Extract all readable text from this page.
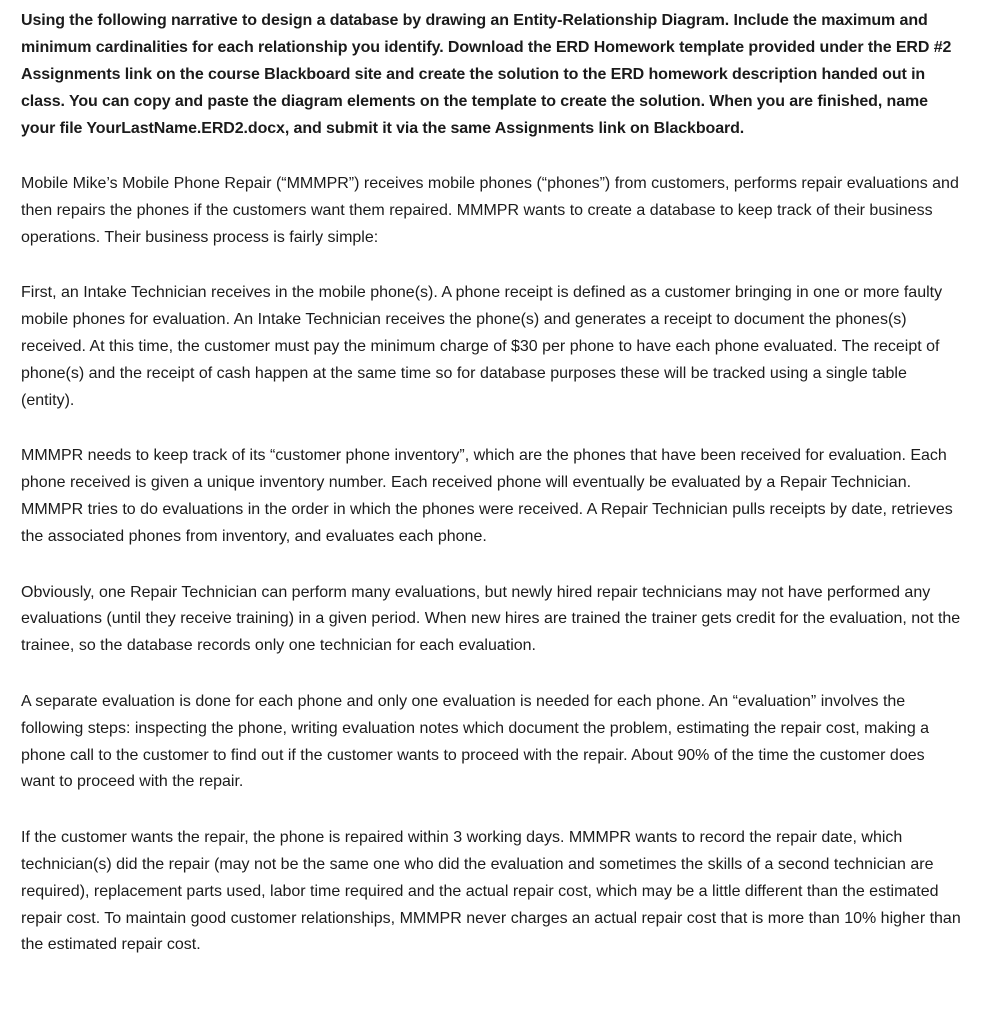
Using the following narrative to design a database by drawing an Entity-Relationship Diagram. Include the maximum and minimum cardinalities for each relationship you identify. Download the ERD Homework template provided under the ERD #2 Assignments link on the course Blackboard site and create the solution to the ERD homework description handed out in class. You can copy and paste the diagram elements on the template to create the solution. When you are finished, name your file YourLastName.ERD2.docx, and submit it via the same Assignments link on Blackboard.

Mobile Mike’s Mobile Phone Repair (“MMMPR”) receives mobile phones (“phones”) from customers, performs repair evaluations and then repairs the phones if the customers want them repaired. MMMPR wants to create a database to keep track of their business operations. Their business process is fairly simple:

First, an Intake Technician receives in the mobile phone(s). A phone receipt is defined as a customer bringing in one or more faulty mobile phones for evaluation. An Intake Technician receives the phone(s) and generates a receipt to document the phones(s) received. At this time, the customer must pay the minimum charge of $30 per phone to have each phone evaluated. The receipt of phone(s) and the receipt of cash happen at the same time so for database purposes these will be tracked using a single table (entity).

MMMPR needs to keep track of its “customer phone inventory”, which are the phones that have been received for evaluation. Each phone received is given a unique inventory number. Each received phone will eventually be evaluated by a Repair Technician. MMMPR tries to do evaluations in the order in which the phones were received. A Repair Technician pulls receipts by date, retrieves the associated phones from inventory, and evaluates each phone.

Obviously, one Repair Technician can perform many evaluations, but newly hired repair technicians may not have performed any evaluations (until they receive training) in a given period. When new hires are trained the trainer gets credit for the evaluation, not the trainee, so the database records only one technician for each evaluation.

A separate evaluation is done for each phone and only one evaluation is needed for each phone. An “evaluation” involves the following steps: inspecting the phone, writing evaluation notes which document the problem, estimating the repair cost, making a phone call to the customer to find out if the customer wants to proceed with the repair. About 90% of the time the customer does want to proceed with the repair.

If the customer wants the repair, the phone is repaired within 3 working days. MMMPR wants to record the repair date, which technician(s) did the repair (may not be the same one who did the evaluation and sometimes the skills of a second technician are required), replacement parts used, labor time required and the actual repair cost, which may be a little different than the estimated repair cost. To maintain good customer relationships, MMMPR never charges an actual repair cost that is more than 10% higher than the estimated repair cost.
